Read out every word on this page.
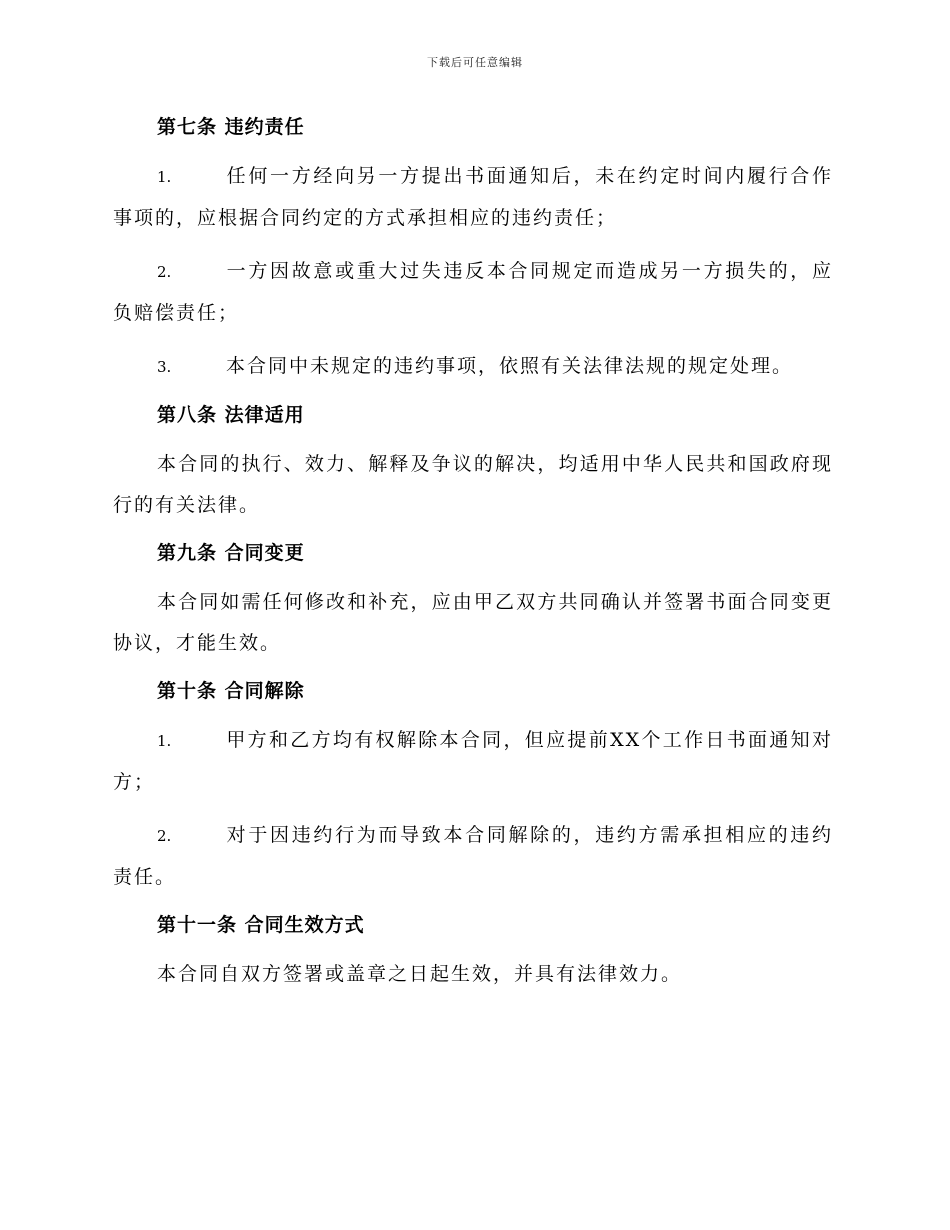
下载后可任意编辑
第七条 违约责任
1.	任何一方经向另一方提出书面通知后，未在约定时间内履行合作事项的，应根据合同约定的方式承担相应的违约责任；
2.	一方因故意或重大过失违反本合同规定而造成另一方损失的，应负赔偿责任；
3.	本合同中未规定的违约事项，依照有关法律法规的规定处理。
第八条 法律适用
本合同的执行、效力、解释及争议的解决，均适用中华人民共和国政府现行的有关法律。
第九条 合同变更
本合同如需任何修改和补充，应由甲乙双方共同确认并签署书面合同变更协议，才能生效。
第十条 合同解除
1.	甲方和乙方均有权解除本合同，但应提前XX个工作日书面通知对方；
2.	对于因违约行为而导致本合同解除的，违约方需承担相应的违约责任。
第十一条 合同生效方式
本合同自双方签署或盖章之日起生效，并具有法律效力。
